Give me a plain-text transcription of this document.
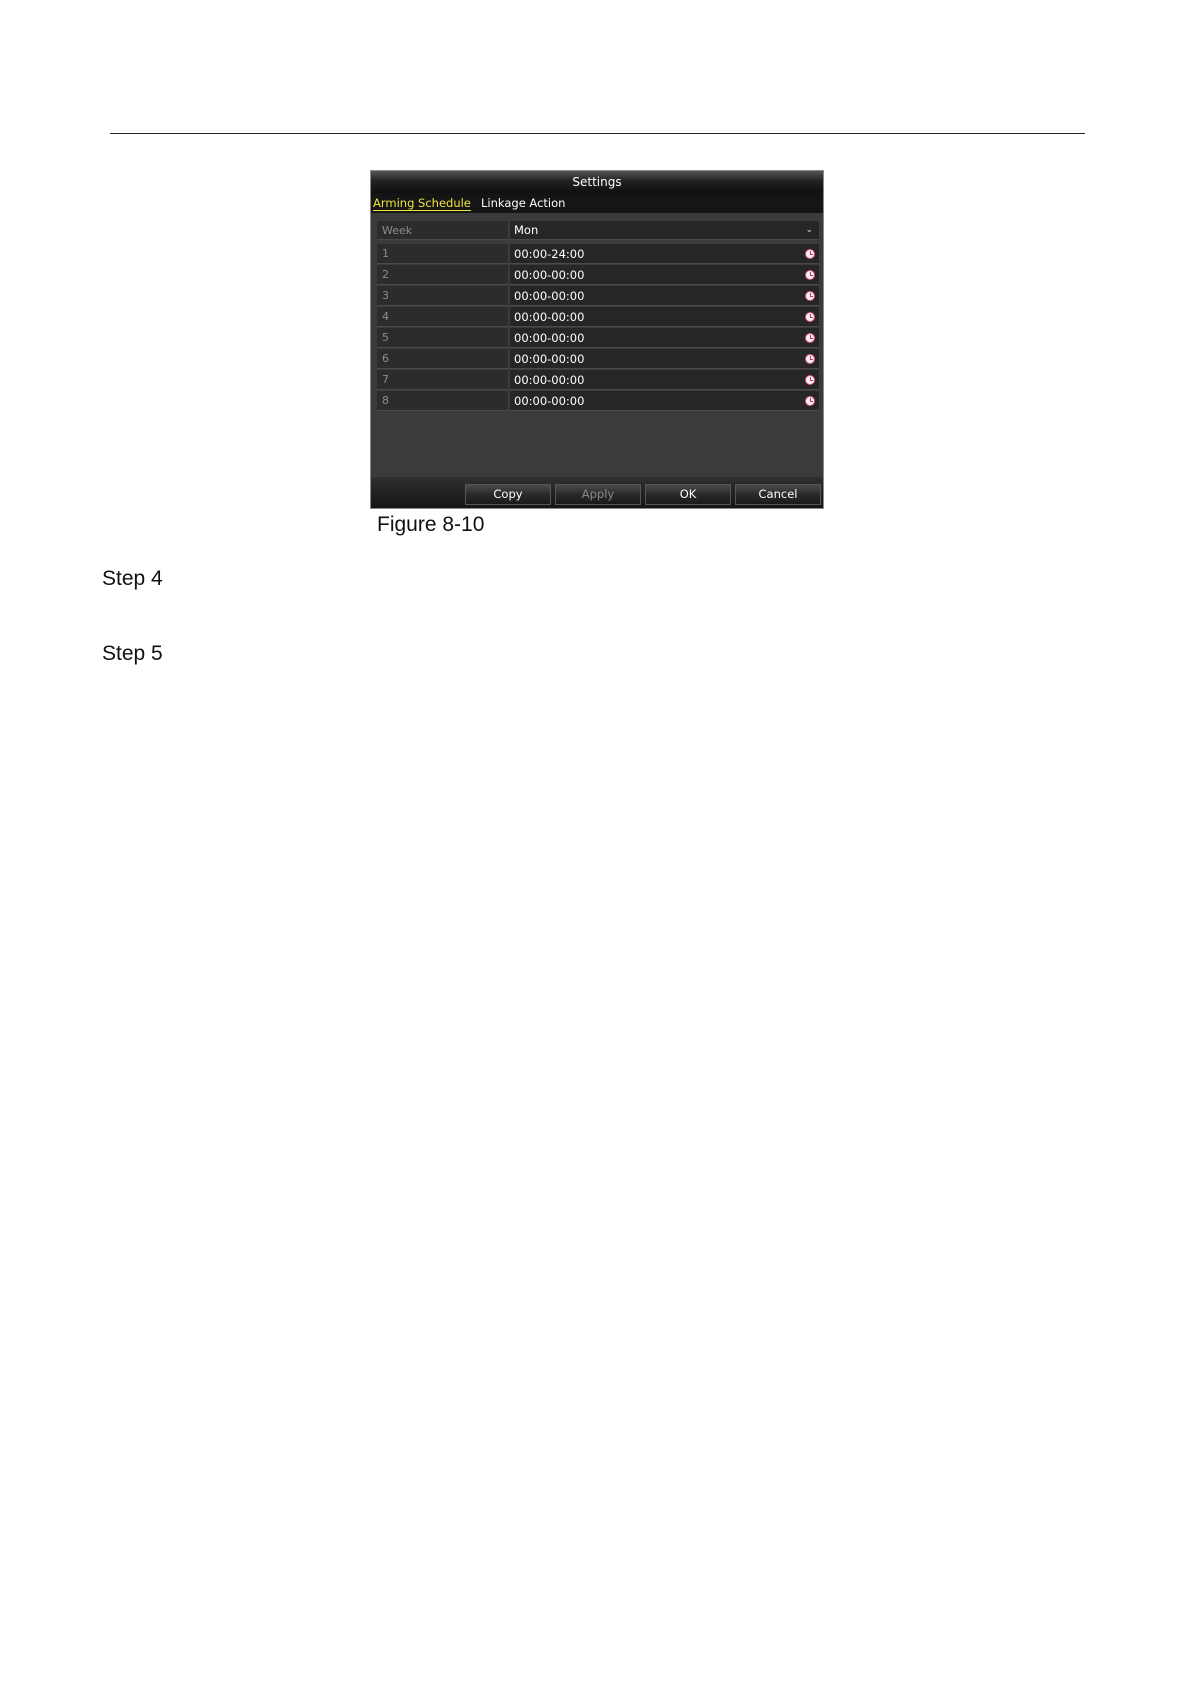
Settings
Arming Schedule Linkage Action
Week	Mon	⌄
1	00:00-24:00
2	00:00-00:00
3	00:00-00:00
4	00:00-00:00
5	00:00-00:00
6	00:00-00:00
7	00:00-00:00
8	00:00-00:00
Copy	Apply	OK	Cancel
Figure 8-10
Step 4
Step 5
